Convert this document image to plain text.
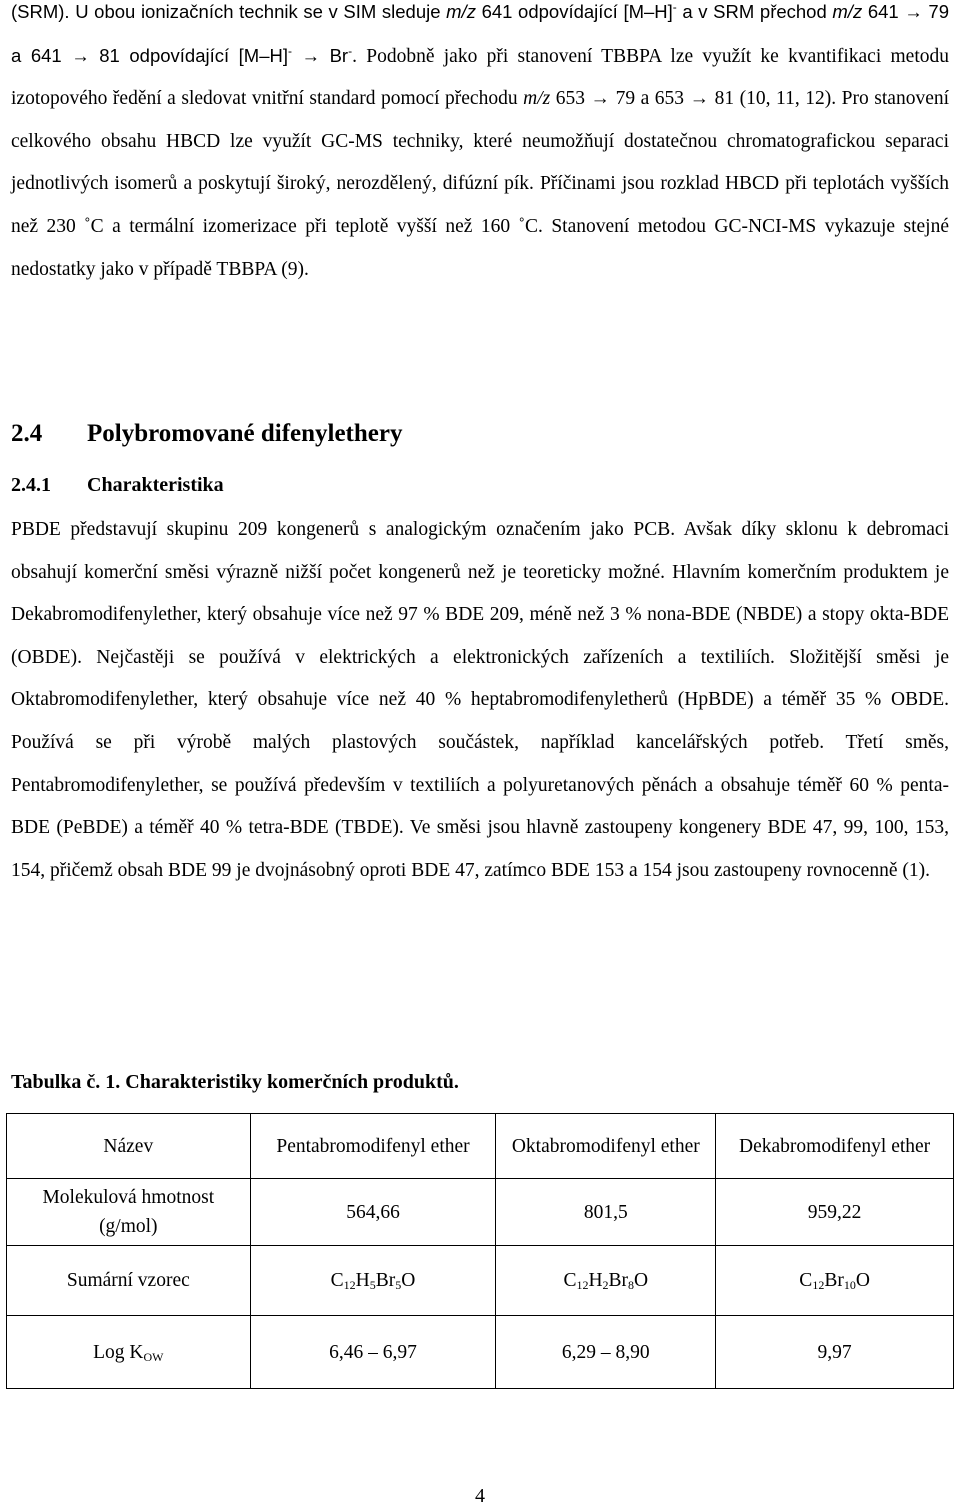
(SRM). U obou ionizačních technik se v SIM sleduje m/z 641 odpovídající [M–H]- a v SRM přechod m/z 641 → 79 a 641 → 81 odpovídající [M–H]- → Br-. Podobně jako při stanovení TBBPA lze využít ke kvantifikaci metodu izotopového ředění a sledovat vnitřní standard pomocí přechodu m/z 653 → 79 a 653 → 81 (10, 11, 12). Pro stanovení celkového obsahu HBCD lze využít GC-MS techniky, které neumožňují dostatečnou chromatografickou separaci jednotlivých isomerů a poskytují široký, nerozdělený, difúzní pík. Příčinami jsou rozklad HBCD při teplotách vyšších než 230 ˚C a termální izomerizace při teplotě vyšší než 160 ˚C. Stanovení metodou GC-NCI-MS vykazuje stejné nedostatky jako v případě TBBPA (9).

2.4 Polybromované difenylethery
2.4.1 Charakteristika

PBDE představují skupinu 209 kongenerů s analogickým označením jako PCB. Avšak díky sklonu k debromaci obsahují komerční směsi výrazně nižší počet kongenerů než je teoreticky možné. Hlavním komerčním produktem je Dekabromodifenylether, který obsahuje více než 97 % BDE 209, méně než 3 % nona-BDE (NBDE) a stopy okta-BDE (OBDE). Nejčastěji se používá v elektrických a elektronických zařízeních a textiliích. Složitější směsi je Oktabromodifenylether, který obsahuje více než 40 % heptabromodifenyletherů (HpBDE) a téměř 35 % OBDE. Používá se při výrobě malých plastových součástek, například kancelářských potřeb. Třetí směs, Pentabromodifenylether, se používá především v textiliích a polyuretanových pěnách a obsahuje téměř 60 % penta-BDE (PeBDE) a téměř 40 % tetra-BDE (TBDE). Ve směsi jsou hlavně zastoupeny kongenery BDE 47, 99, 100, 153, 154, přičemž obsah BDE 99 je dvojnásobný oproti BDE 47, zatímco BDE 153 a 154 jsou zastoupeny rovnocenně (1).

Tabulka č. 1. Charakteristiky komerčních produktů.

Název	Pentabromodifenyl ether	Oktabromodifenyl ether	Dekabromodifenyl ether
Molekulová hmotnost (g/mol)	564,66	801,5	959,22
Sumární vzorec	$C_{12}H_5Br_5O$	$C_{12}H_2Br_8O$	$C_{12}Br_{10}O$
Log $K_{OW}$	6,46 – 6,97	6,29 – 8,90	9,97
4
